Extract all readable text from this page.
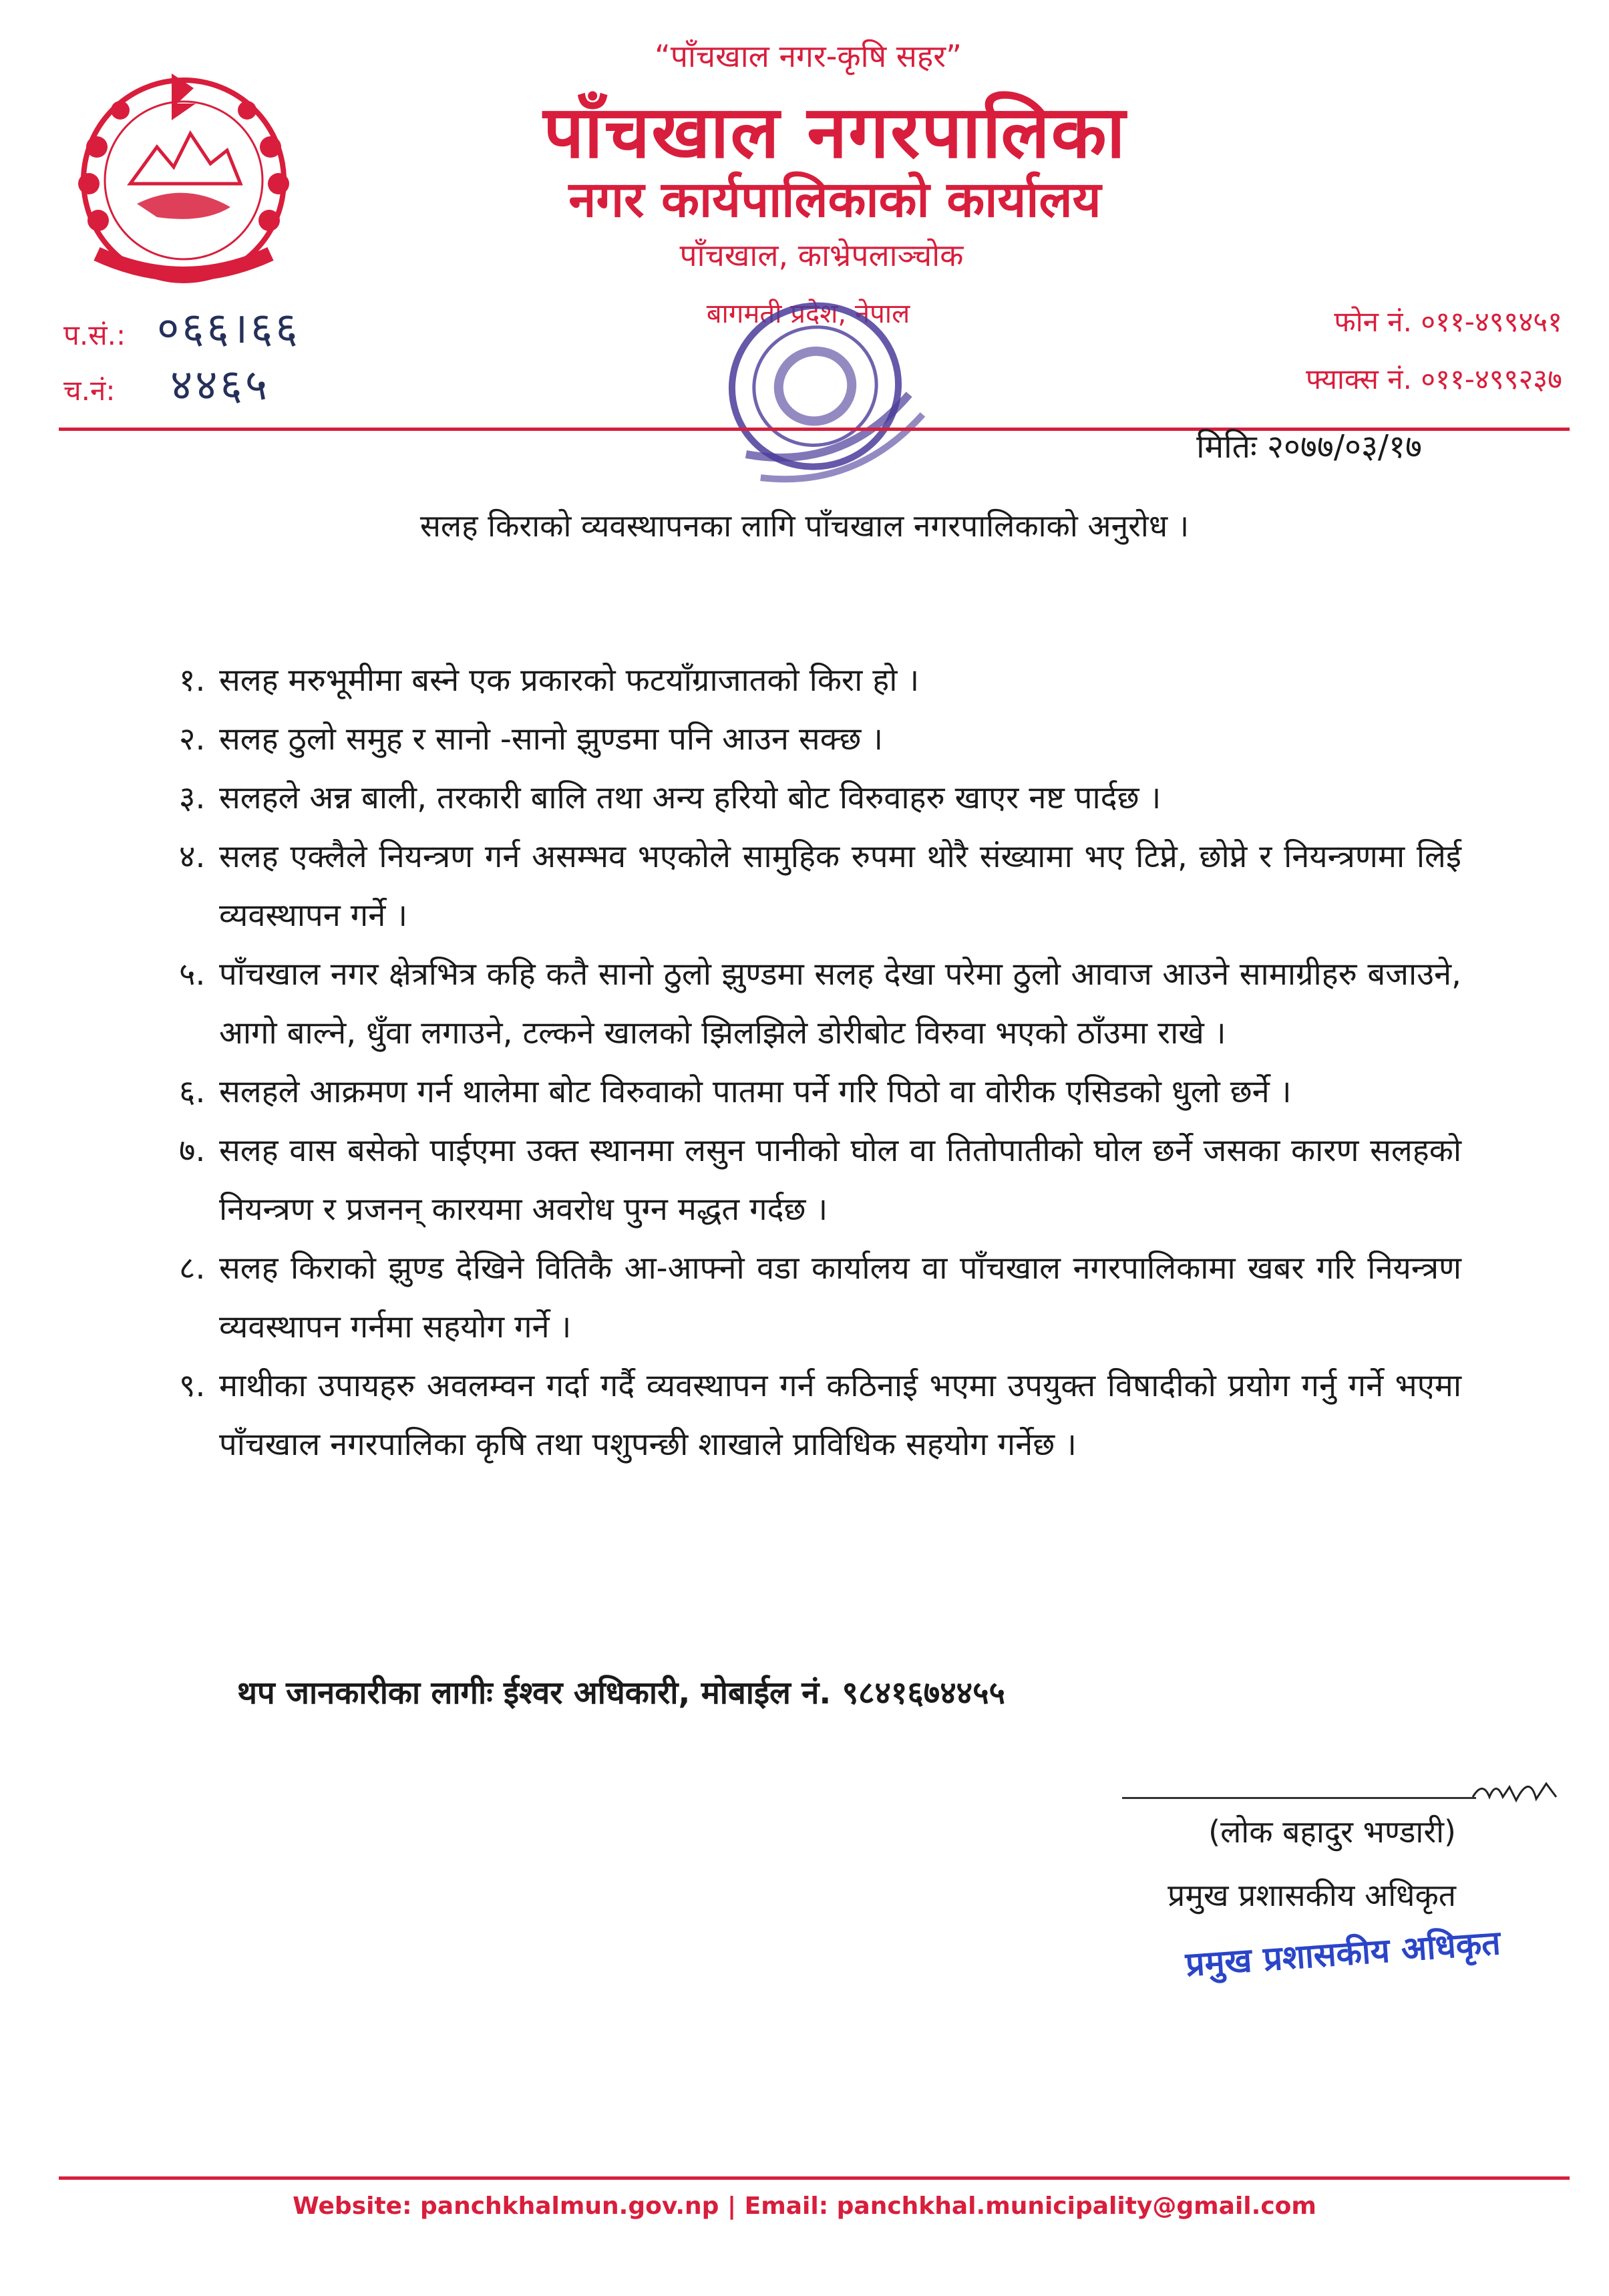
“पाँचखाल नगर-कृषि सहर”
पाँचखाल नगरपालिका
नगर कार्यपालिकाको कार्यालय
पाँचखाल, काभ्रेपलाञ्चोक
बागमती प्रदेश, नेपाल
प.सं.: ०६६।६६
च.नं: ४४६५
फोन नं. ०११-४९९४५१
फ्याक्स नं. ०११-४९९२३७
मितिः २०७७/०३/१७
सलह किराको व्यवस्थापनका लागि पाँचखाल नगरपालिकाको अनुरोध ।
१. सलह मरुभूमीमा बस्ने एक प्रकारको फटयाँग्राजातको किरा हो ।
२. सलह ठुलो समुह र सानो -सानो झुण्डमा पनि आउन सक्छ ।
३. सलहले अन्न बाली, तरकारी बालि तथा अन्य हरियो बोट विरुवाहरु खाएर नष्ट पार्दछ ।
४. सलह एक्लैले नियन्त्रण गर्न असम्भव भएकोले सामुहिक रुपमा थोरै संख्यामा भए टिप्ने, छोप्ने र नियन्त्रणमा लिई व्यवस्थापन गर्ने ।
५. पाँचखाल नगर क्षेत्रभित्र कहि कतै सानो ठुलो झुण्डमा सलह देखा परेमा ठुलो आवाज आउने सामाग्रीहरु बजाउने, आगो बाल्ने, धुँवा लगाउने, टल्कने खालको झिलझिले डोरीबोट विरुवा भएको ठाँउमा राखे ।
६. सलहले आक्रमण गर्न थालेमा बोट विरुवाको पातमा पर्ने गरि पिठो वा वोरीक एसिडको धुलो छर्ने ।
७. सलह वास बसेको पाईएमा उक्त स्थानमा लसुन पानीको घोल वा तितोपातीको घोल छर्ने जसका कारण सलहको नियन्त्रण र प्रजनन् कारयमा अवरोध पुग्न मद्धत गर्दछ ।
८. सलह किराको झुण्ड देखिने वितिकै आ-आफ्नो वडा कार्यालय वा पाँचखाल नगरपालिकामा खबर गरि नियन्त्रण व्यवस्थापन गर्नमा सहयोग गर्ने ।
९. माथीका उपायहरु अवलम्वन गर्दा गर्दै व्यवस्थापन गर्न कठिनाई भएमा उपयुक्त विषादीको प्रयोग गर्नु गर्ने भएमा पाँचखाल नगरपालिका कृषि तथा पशुपन्छी शाखाले प्राविधिक सहयोग गर्नेछ ।
थप जानकारीका लागीः ईश्वर अधिकारी, मोबाईल नं. ९८४१६७४४५५
(लोक बहादुर भण्डारी)
प्रमुख प्रशासकीय अधिकृत
प्रमुख प्रशासकीय अधिकृत
Website: panchkhalmun.gov.np | Email: panchkhal.municipality@gmail.com
